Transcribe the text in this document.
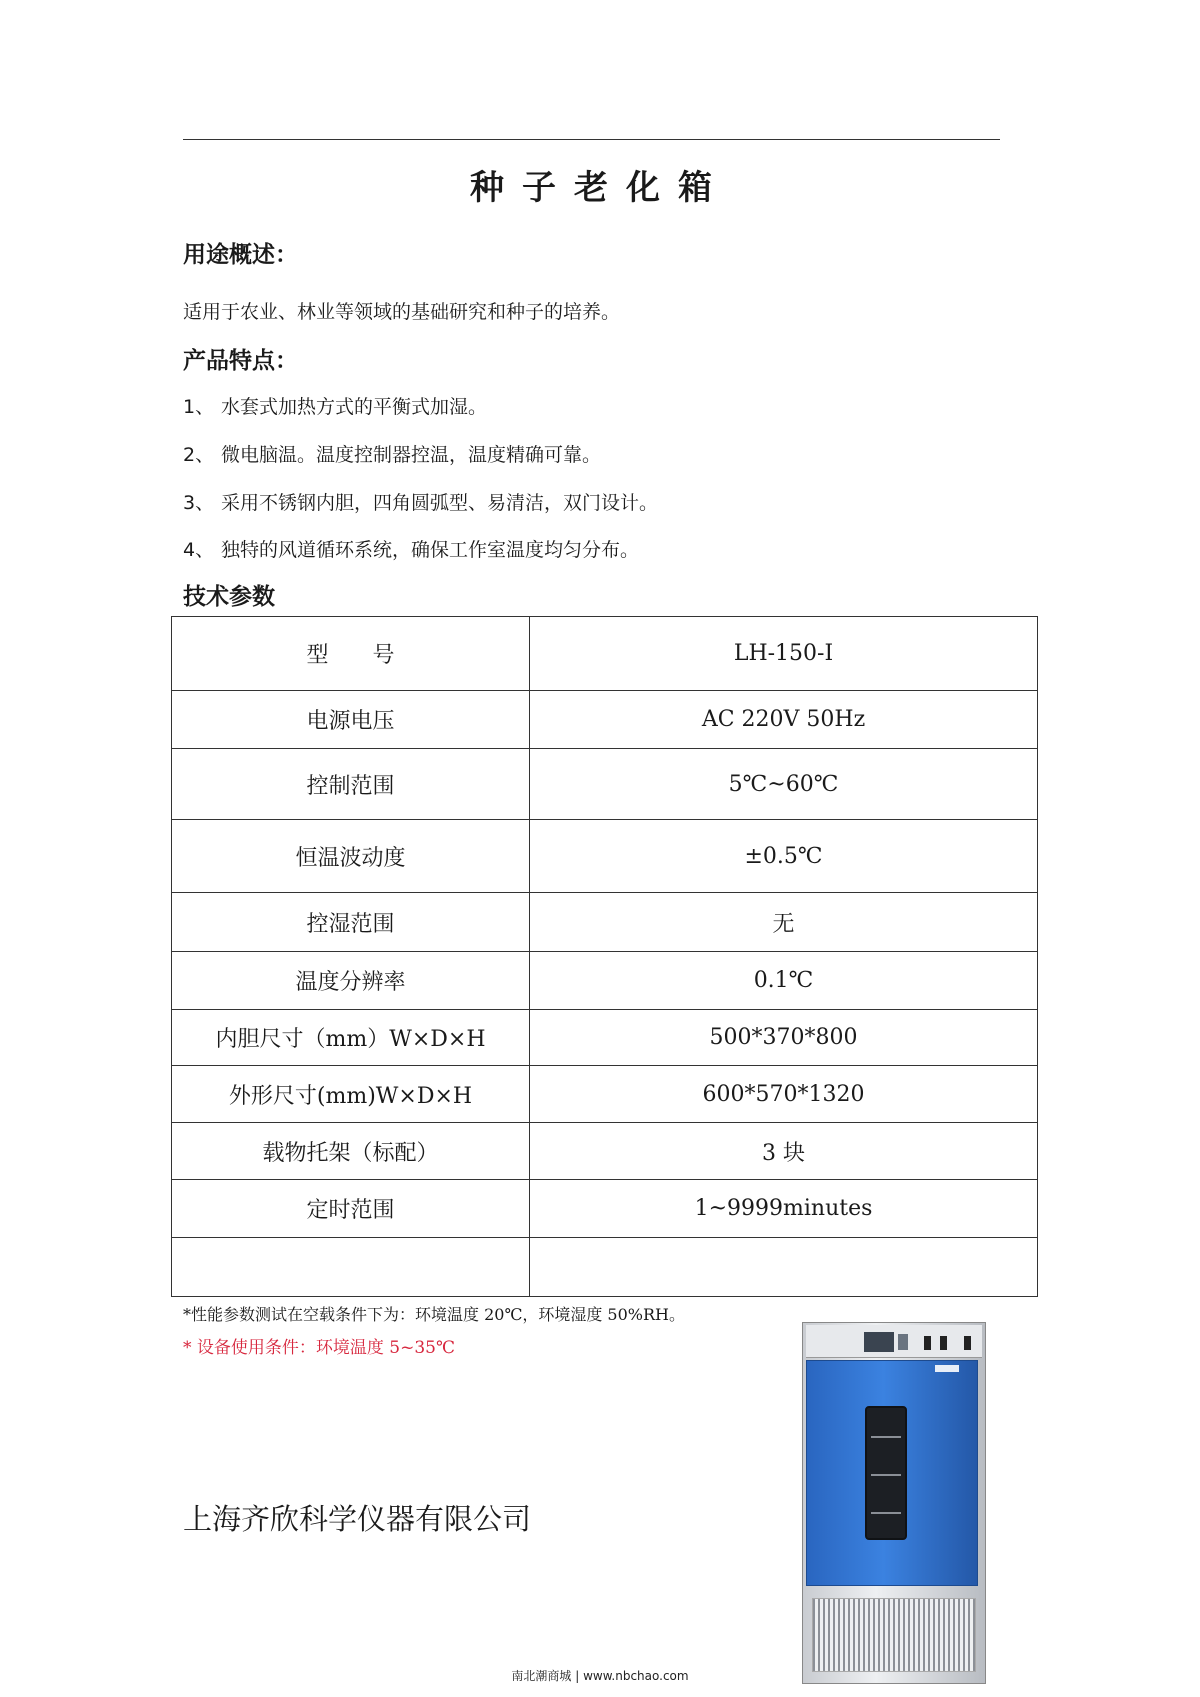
种子老化箱
用途概述：
适用于农业、林业等领域的基础研究和种子的培养。
产品特点：
1、 水套式加热方式的平衡式加湿。
2、 微电脑温。温度控制器控温，温度精确可靠。
3、 采用不锈钢内胆，四角圆弧型、易清洁，双门设计。
4、 独特的风道循环系统，确保工作室温度均匀分布。
技术参数
型　　号	LH-150-I
电源电压	AC 220V 50Hz
控制范围	5℃~60℃
恒温波动度	±0.5℃
控湿范围	无
温度分辨率	0.1℃
内胆尺寸（mm）W×D×H	500*370*800
外形尺寸(mm)W×D×H	600*570*1320
载物托架（标配）	3 块
定时范围	1~9999minutes

*性能参数测试在空载条件下为：环境温度 20℃，环境湿度 50%RH。
* 设备使用条件：环境温度 5~35℃
上海齐欣科学仪器有限公司
南北潮商城 | www.nbchao.com
